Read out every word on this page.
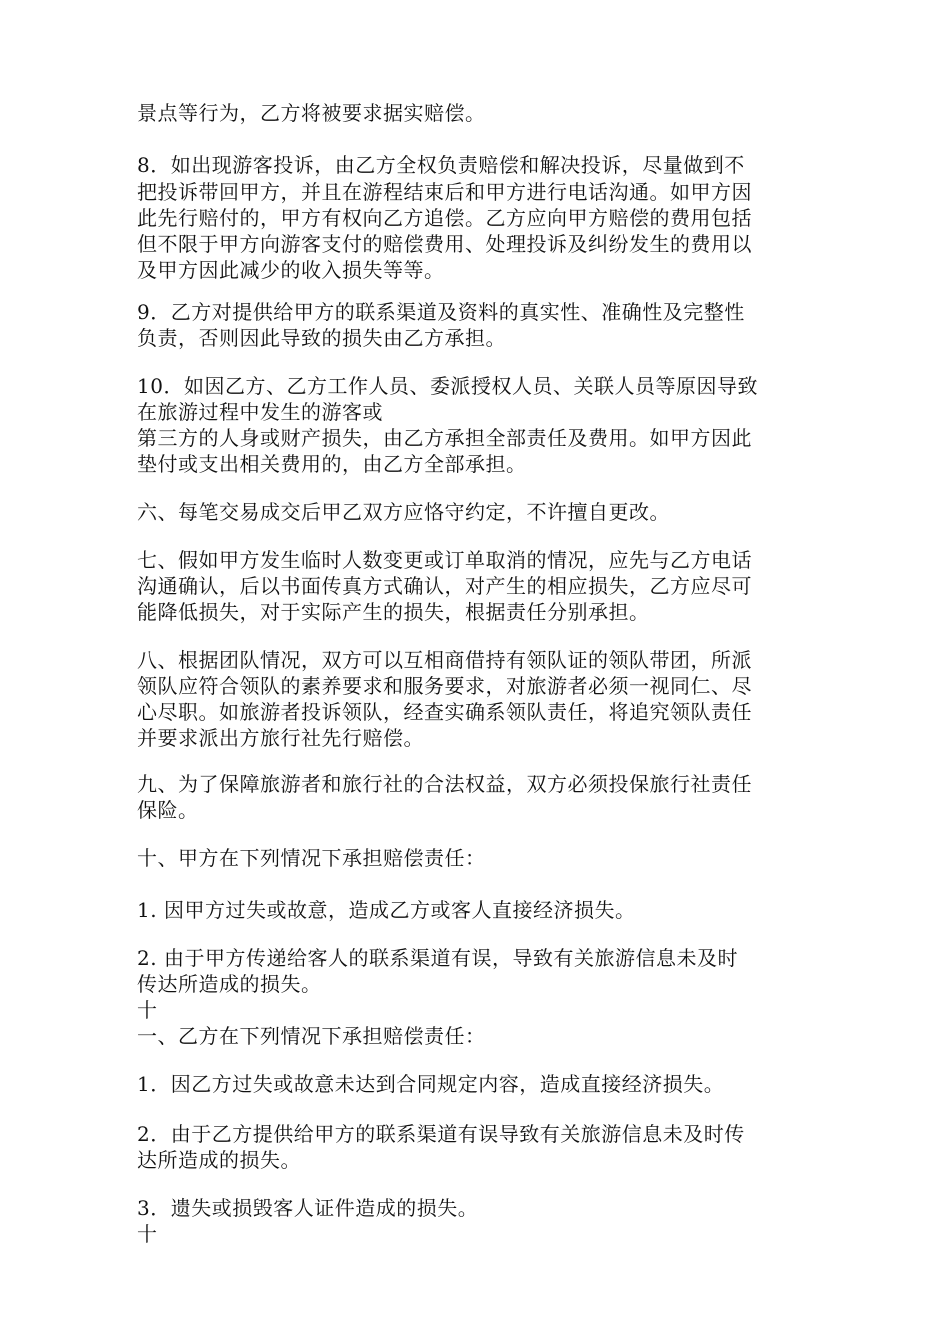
景点等行为，乙方将被要求据实赔偿。
8．如出现游客投诉，由乙方全权负责赔偿和解决投诉，尽量做到不
把投诉带回甲方，并且在游程结束后和甲方进行电话沟通。如甲方因
此先行赔付的，甲方有权向乙方追偿。乙方应向甲方赔偿的费用包括
但不限于甲方向游客支付的赔偿费用、处理投诉及纠纷发生的费用以
及甲方因此减少的收入损失等等。
9．乙方对提供给甲方的联系渠道及资料的真实性、准确性及完整性
负责，否则因此导致的损失由乙方承担。
10．如因乙方、乙方工作人员、委派授权人员、关联人员等原因导致
在旅游过程中发生的游客或
第三方的人身或财产损失，由乙方承担全部责任及费用。如甲方因此
垫付或支出相关费用的，由乙方全部承担。
六、每笔交易成交后甲乙双方应恪守约定，不许擅自更改。
七、假如甲方发生临时人数变更或订单取消的情况，应先与乙方电话
沟通确认，后以书面传真方式确认，对产生的相应损失，乙方应尽可
能降低损失，对于实际产生的损失，根据责任分别承担。
八、根据团队情况，双方可以互相商借持有领队证的领队带团，所派
领队应符合领队的素养要求和服务要求，对旅游者必须一视同仁、尽
心尽职。如旅游者投诉领队，经查实确系领队责任，将追究领队责任
并要求派出方旅行社先行赔偿。
九、为了保障旅游者和旅行社的合法权益，双方必须投保旅行社责任
保险。
十、甲方在下列情况下承担赔偿责任：
1. 因甲方过失或故意，造成乙方或客人直接经济损失。
2. 由于甲方传递给客人的联系渠道有误，导致有关旅游信息未及时
传达所造成的损失。
十
一、乙方在下列情况下承担赔偿责任：
1．因乙方过失或故意未达到合同规定内容，造成直接经济损失。
2．由于乙方提供给甲方的联系渠道有误导致有关旅游信息未及时传
达所造成的损失。
3．遗失或损毁客人证件造成的损失。
十
